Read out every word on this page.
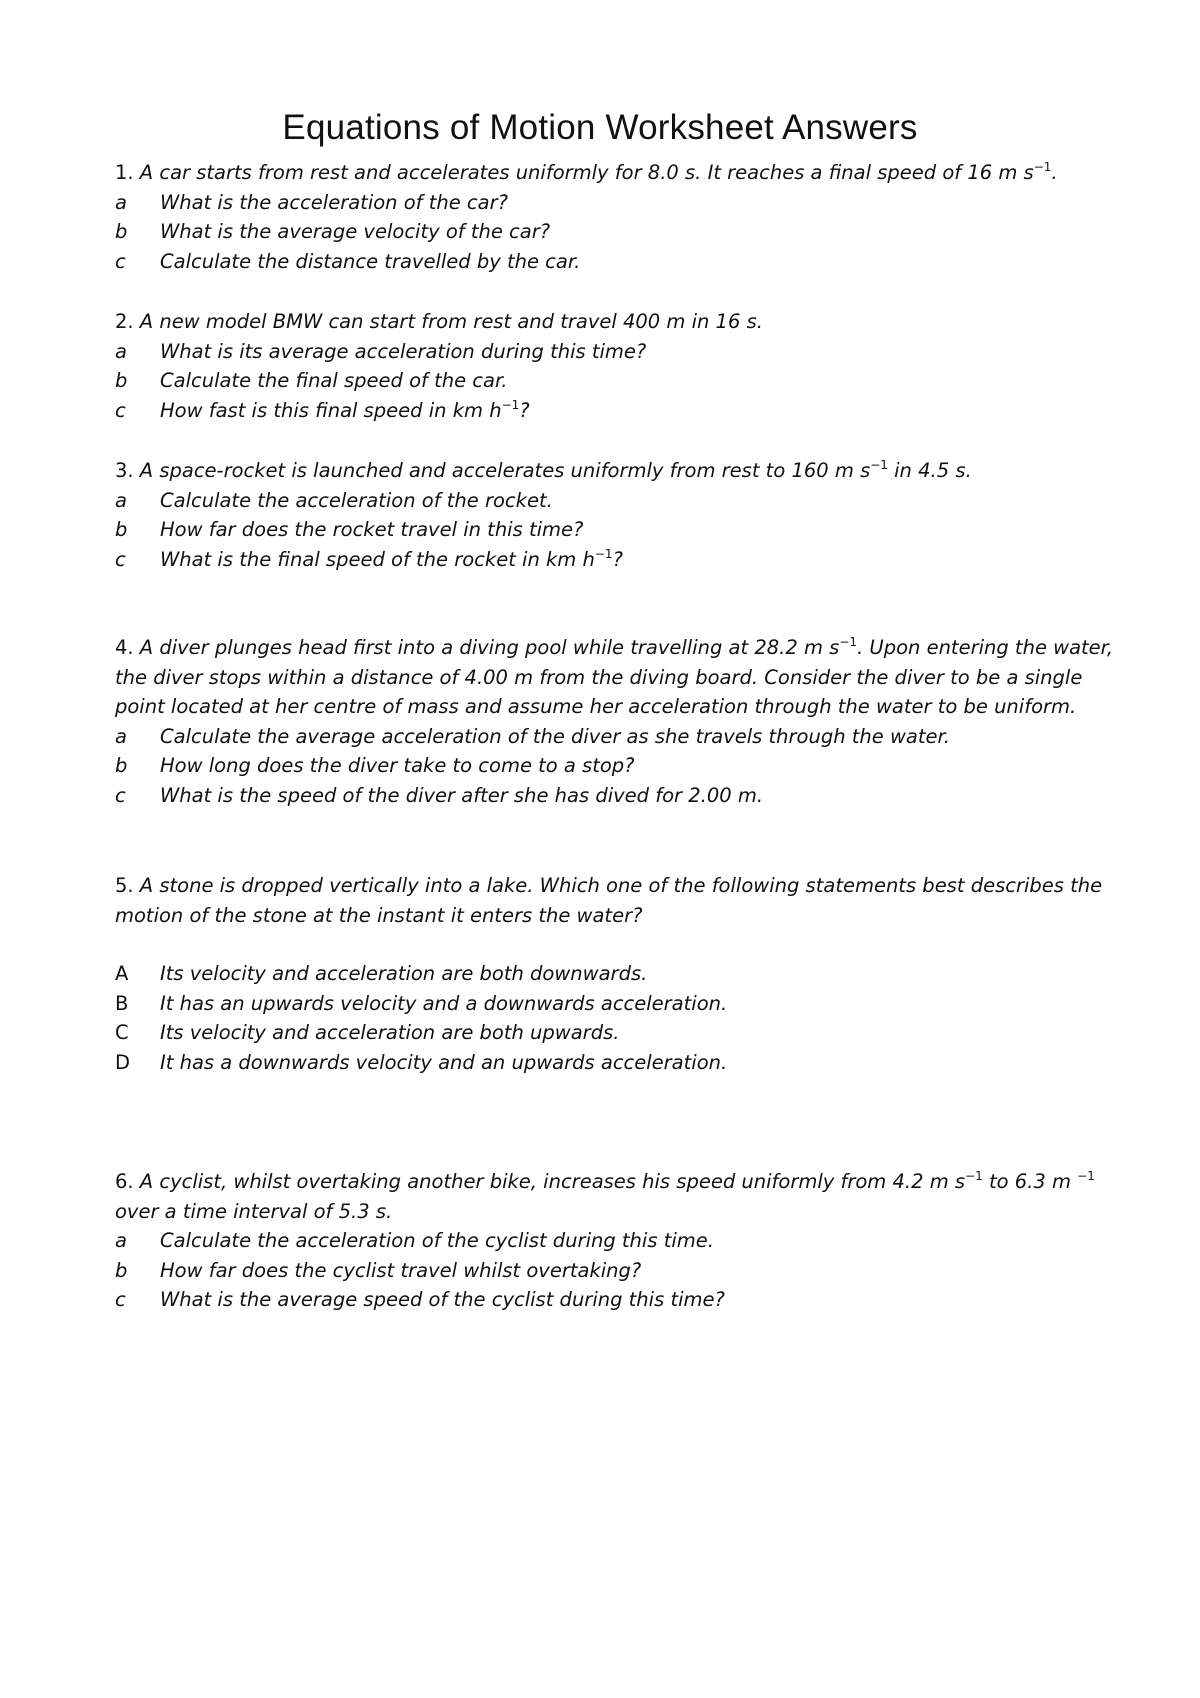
Equations of Motion Worksheet Answers

1. A car starts from rest and accelerates uniformly for 8.0 s. It reaches a final speed of 16 m $s^{-1}$.

a	What is the acceleration of the car?
b	What is the average velocity of the car?
c	Calculate the distance travelled by the car.

2. A new model BMW can start from rest and travel 400 m in 16 s.

a	What is its average acceleration during this time?
b	Calculate the final speed of the car.
c	How fast is this final speed in km $h^{-1}$?

3. A space-rocket is launched and accelerates uniformly from rest to 160 m $s^{-1}$ in 4.5 s.

a	Calculate the acceleration of the rocket.
b	How far does the rocket travel in this time?
c	What is the final speed of the rocket in km $h^{-1}$?

4. A diver plunges head first into a diving pool while travelling at 28.2 m $s^{-1}$. Upon entering the water, the diver stops within a distance of 4.00 m from the diving board. Consider the diver to be a single point located at her centre of mass and assume her acceleration through the water to be uniform.

a	Calculate the average acceleration of the diver as she travels through the water.
b	How long does the diver take to come to a stop?
c	What is the speed of the diver after she has dived for 2.00 m.

5. A stone is dropped vertically into a lake. Which one of the following statements best describes the motion of the stone at the instant it enters the water?

A	Its velocity and acceleration are both downwards.
B	It has an upwards velocity and a downwards acceleration.
C	Its velocity and acceleration are both upwards.
D	It has a downwards velocity and an upwards acceleration.

6. A cyclist, whilst overtaking another bike, increases his speed uniformly from 4.2 m $s^{-1}$ to 6.3 m $^{-1}$ over a time interval of 5.3 s.

a	Calculate the acceleration of the cyclist during this time.
b	How far does the cyclist travel whilst overtaking?
c	What is the average speed of the cyclist during this time?
